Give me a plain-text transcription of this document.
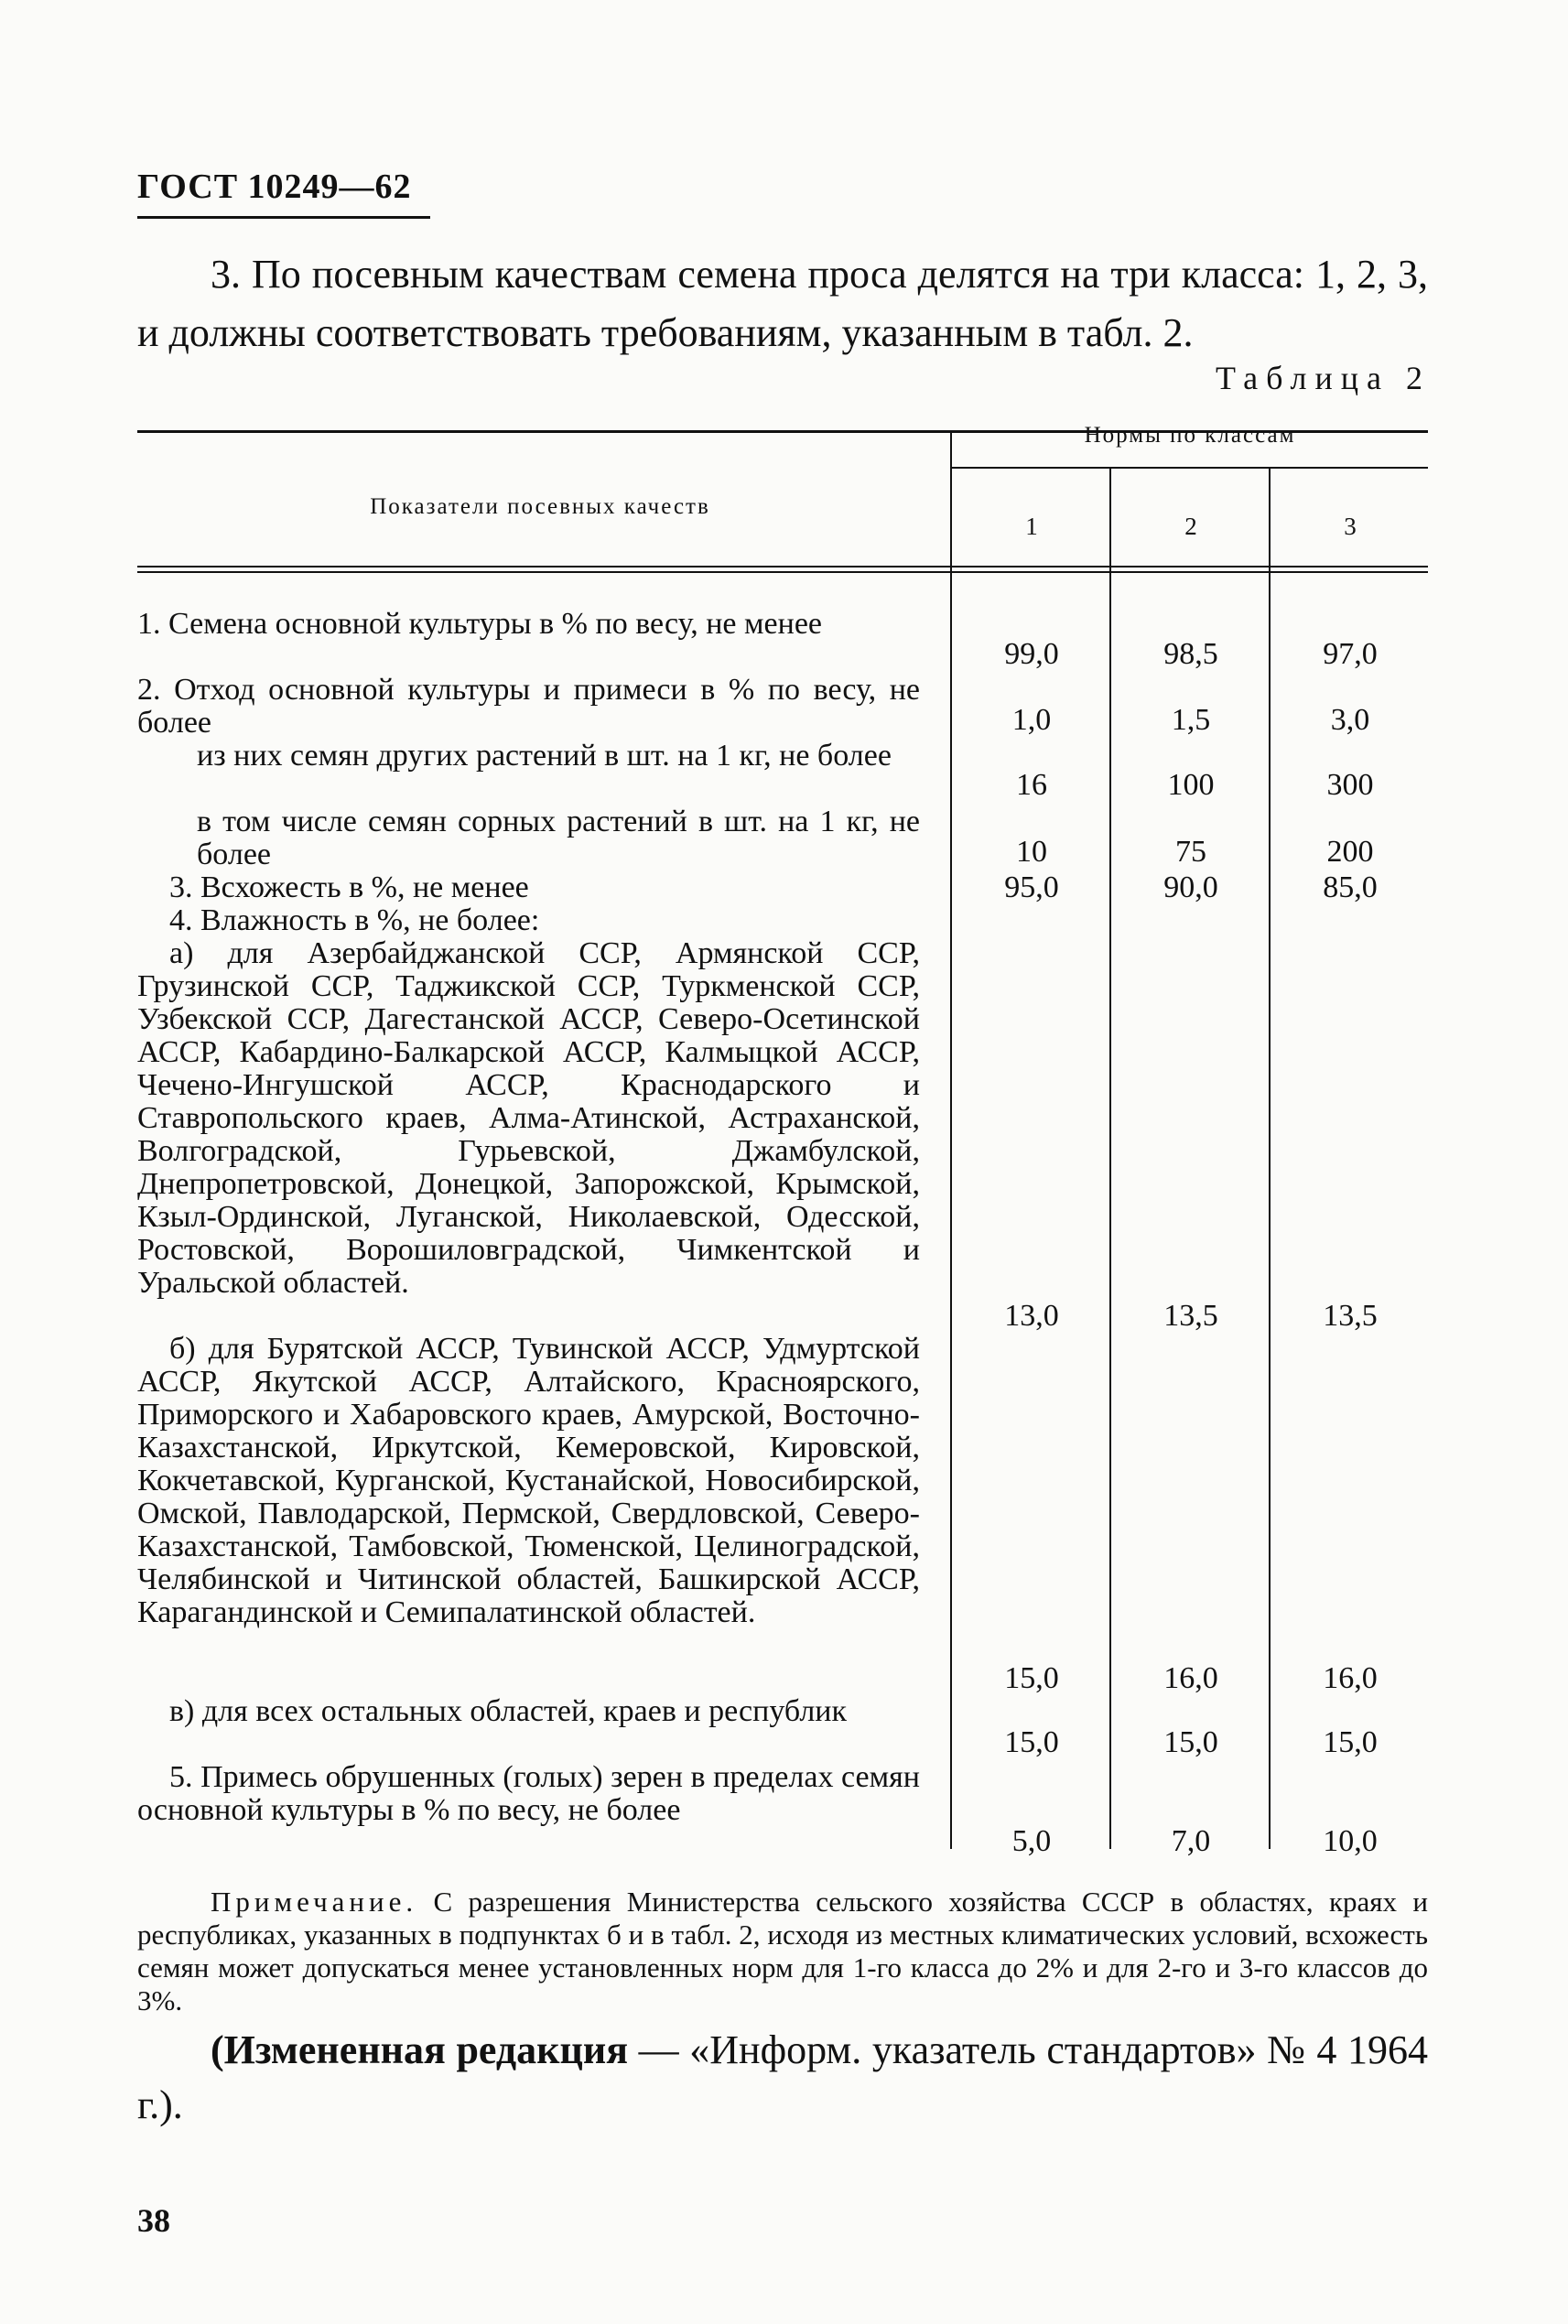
ГОСТ 10249—62
3. По посевным качествам семена проса делятся на три класса: 1, 2, 3, и должны соответствовать требованиям, указанным в табл. 2.
Таблица 2
Нормы по классам
Показатели посевных качеств
1	2	3
1. Семена основной культуры в % по весу, не менее
99,0	98,5	97,0
2. Отход основной культуры и примеси в % по весу, не более	1,0	1,5	3,0
из них семян других растений в шт. на 1 кг, не более
16	100	300
в том числе семян сорных растений в шт. на 1 кг, не более	10	75	200
3. Всхожесть в %, не менее	95,0	90,0	85,0
4. Влажность в %, не более:
а) для Азербайджанской ССР, Армянской ССР, Грузинской ССР, Таджикской ССР, Туркменской ССР, Узбекской ССР, Дагестанской АССР, Северо-Осетинской АССР, Кабардино-Балкарской АССР, Калмыцкой АССР, Чечено-Ингушской АССР, Краснодарского и Ставропольского краев, Алма-Атинской, Астраханской, Волгоградской, Гурьевской, Джамбулской, Днепропетровской, Донецкой, Запорожской, Крымской, Кзыл-Ординской, Луганской, Николаевской, Одесской, Ростовской, Ворошиловградской, Чимкентской и Уральской областей.
13,0	13,5	13,5
б) для Бурятской АССР, Тувинской АССР, Удмуртской АССР, Якутской АССР, Алтайского, Красноярского, Приморского и Хабаровского краев, Амурской, Восточно-Казахстанской, Иркутской, Кемеровской, Кировской, Кокчетавской, Курганской, Кустанайской, Новосибирской, Омской, Павлодарской, Пермской, Свердловской, Северо-Казахстанской, Тамбовской, Тюменской, Целиноградской, Челябинской и Читинской областей, Башкирской АССР, Карагандинской и Семипалатинской областей.
15,0	16,0	16,0
в) для всех остальных областей, краев и республик
15,0	15,0	15,0
5. Примесь обрушенных (голых) зерен в пределах семян основной культуры в % по весу, не более
5,0	7,0	10,0
Примечание. С разрешения Министерства сельского хозяйства СССР в областях, краях и республиках, указанных в подпунктах б и в табл. 2, исходя из местных климатических условий, всхожесть семян может допускаться менее установленных норм для 1-го класса до 2% и для 2-го и 3-го классов до 3%.
(Измененная редакция — «Информ. указатель стандартов» № 4 1964 г.).
38
